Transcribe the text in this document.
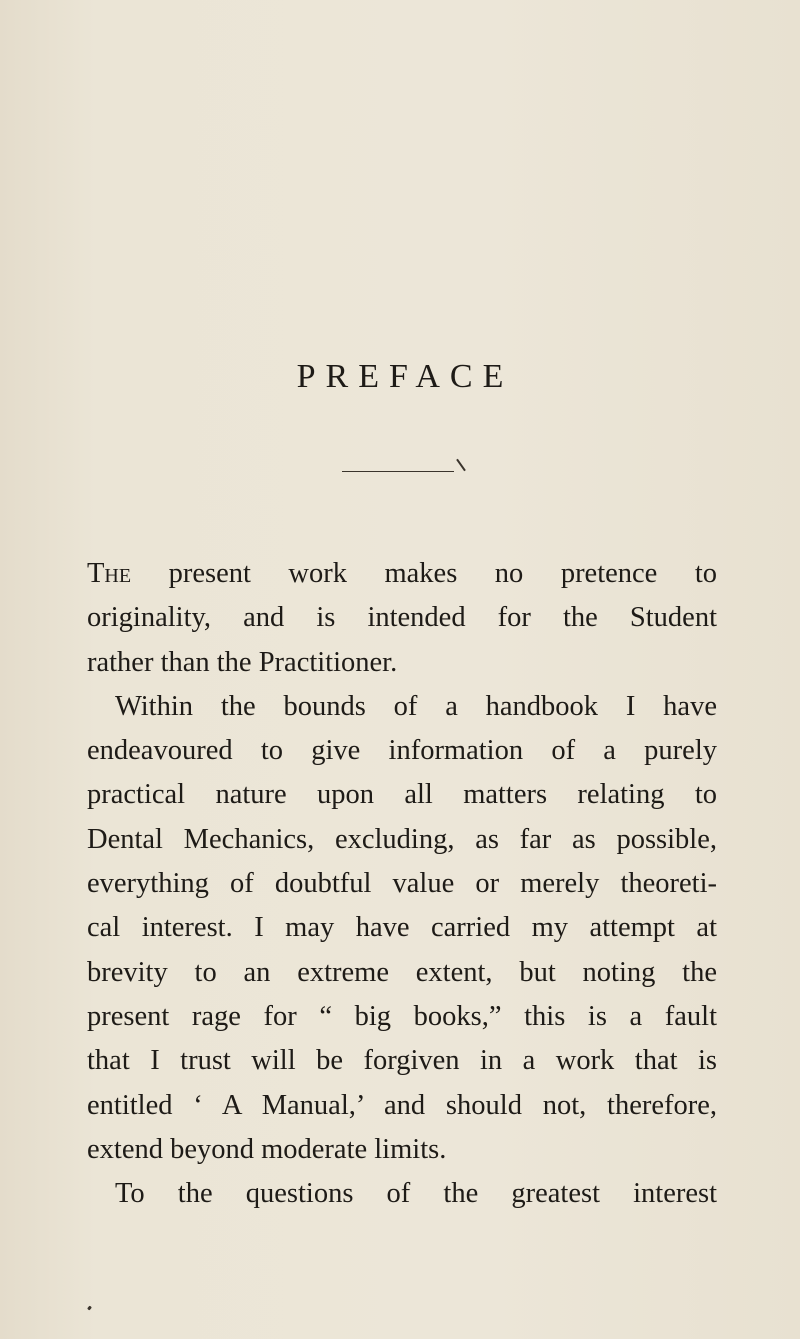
PREFACE

The present work makes no pretence to
originality, and is intended for the Student
rather than the Practitioner.

Within the bounds of a handbook I have
endeavoured to give information of a purely
practical nature upon all matters relating to
Dental Mechanics, excluding, as far as possible,
everything of doubtful value or merely theoreti-
cal interest. I may have carried my attempt at
brevity to an extreme extent, but noting the
present rage for “ big books,” this is a fault
that I trust will be forgiven in a work that is
entitled ‘ A Manual,’ and should not, therefore,
extend beyond moderate limits.

To the questions of the greatest interest
